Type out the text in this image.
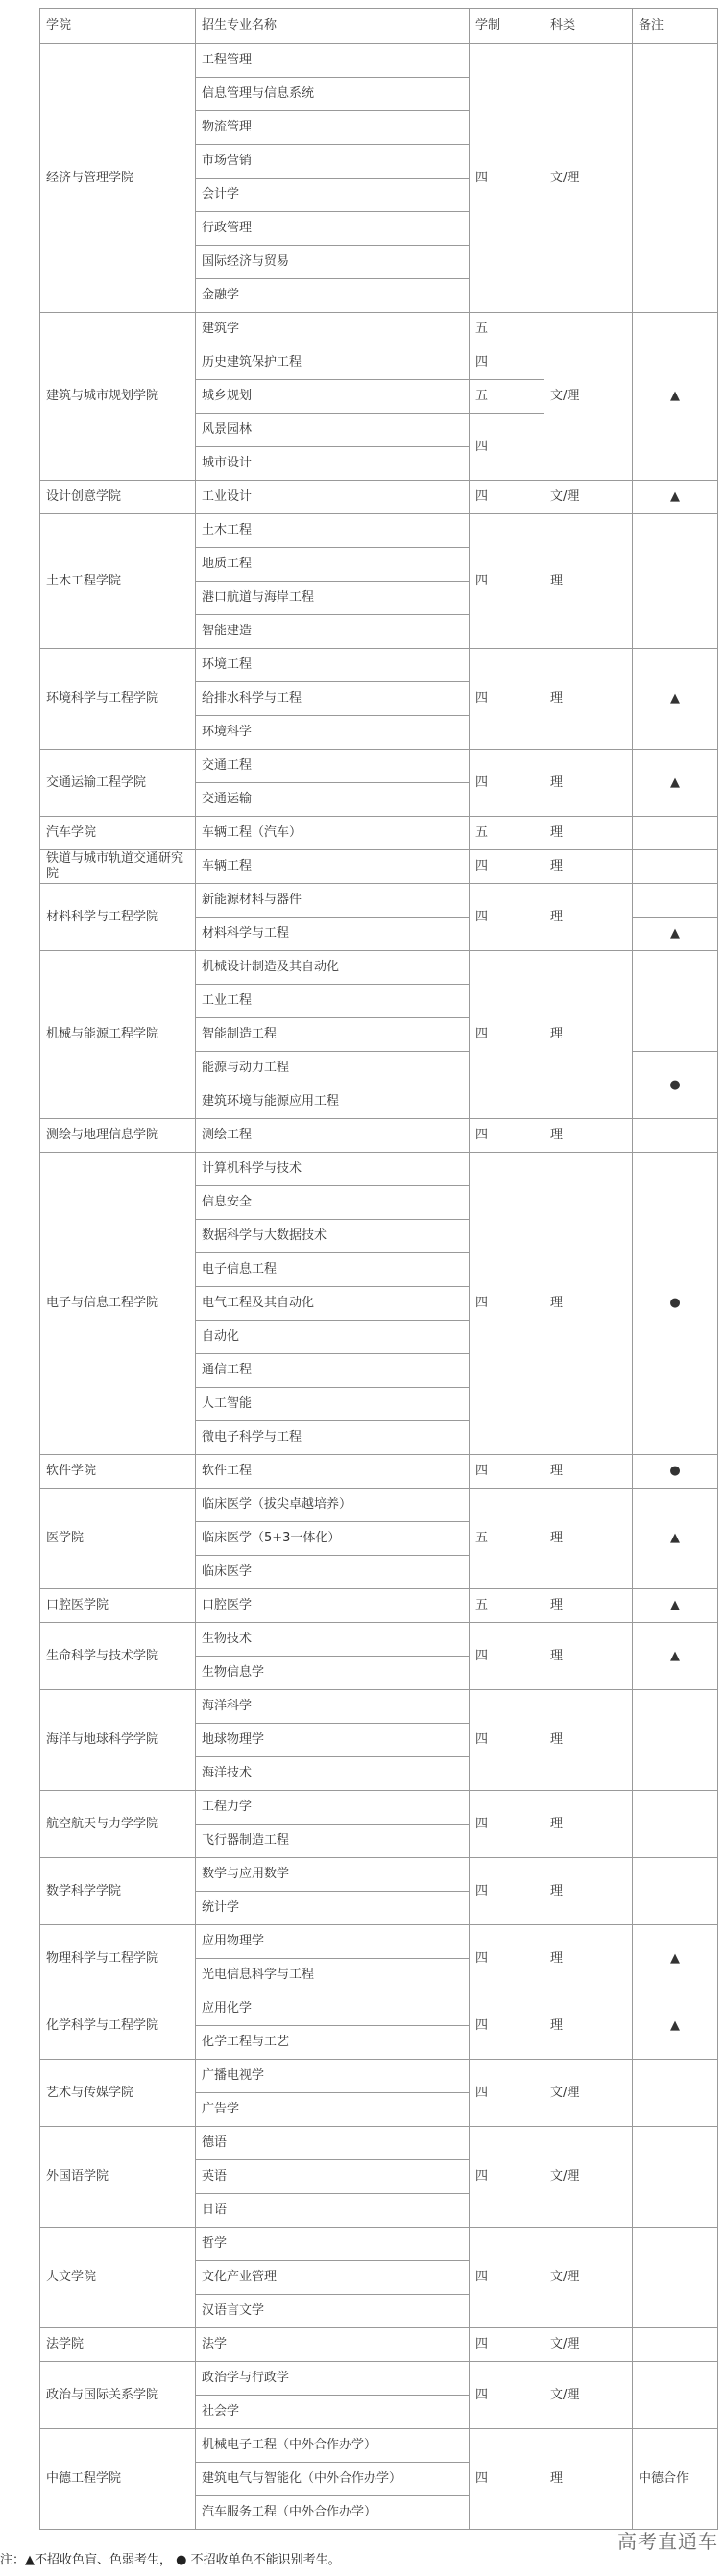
学院	招生专业名称	学制	科类	备注
经济与管理学院	工程管理	四	文/理	
	信息管理与信息系统			
	物流管理			
	市场营销			
	会计学			
	行政管理			
	国际经济与贸易			
	金融学			
建筑与城市规划学院	建筑学	五	文/理	▲
	历史建筑保护工程	四		
	城乡规划	五		
	风景园林	四		
	城市设计			
设计创意学院	工业设计	四	文/理	▲
土木工程学院	土木工程	四	理	
	地质工程			
	港口航道与海岸工程			
	智能建造			
环境科学与工程学院	环境工程	四	理	▲
	给排水科学与工程			
	环境科学			
交通运输工程学院	交通工程	四	理	▲
	交通运输			
汽车学院	车辆工程（汽车）	五	理	
铁道与城市轨道交通研究院	车辆工程	四	理	
材料科学与工程学院	新能源材料与器件	四	理	
	材料科学与工程			▲
机械与能源工程学院	机械设计制造及其自动化	四	理	
	工业工程			
	智能制造工程			
	能源与动力工程			●
	建筑环境与能源应用工程			
测绘与地理信息学院	测绘工程	四	理	
电子与信息工程学院	计算机科学与技术	四	理	●
	信息安全			
	数据科学与大数据技术			
	电子信息工程			
	电气工程及其自动化			
	自动化			
	通信工程			
	人工智能			
	微电子科学与工程			
软件学院	软件工程	四	理	●
医学院	临床医学（拔尖卓越培养）	五	理	▲
	临床医学（5+3一体化）			
	临床医学			
口腔医学院	口腔医学	五	理	▲
生命科学与技术学院	生物技术	四	理	▲
	生物信息学			
海洋与地球科学学院	海洋科学	四	理	
	地球物理学			
	海洋技术			
航空航天与力学学院	工程力学	四	理	
	飞行器制造工程			
数学科学学院	数学与应用数学	四	理	
	统计学			
物理科学与工程学院	应用物理学	四	理	▲
	光电信息科学与工程			
化学科学与工程学院	应用化学	四	理	▲
	化学工程与工艺			
艺术与传媒学院	广播电视学	四	文/理	
	广告学			
外国语学院	德语	四	文/理	
	英语			
	日语			
人文学院	哲学	四	文/理	
	文化产业管理			
	汉语言文学			
法学院	法学	四	文/理	
政治与国际关系学院	政治学与行政学	四	文/理	
	社会学			
中德工程学院	机械电子工程（中外合作办学）	四	理	中德合作
	建筑电气与智能化（中外合作办学）			
	汽车服务工程（中外合作办学）			
注：▲不招收色盲、色弱考生， ● 不招收单色不能识别考生。
高考直通车
